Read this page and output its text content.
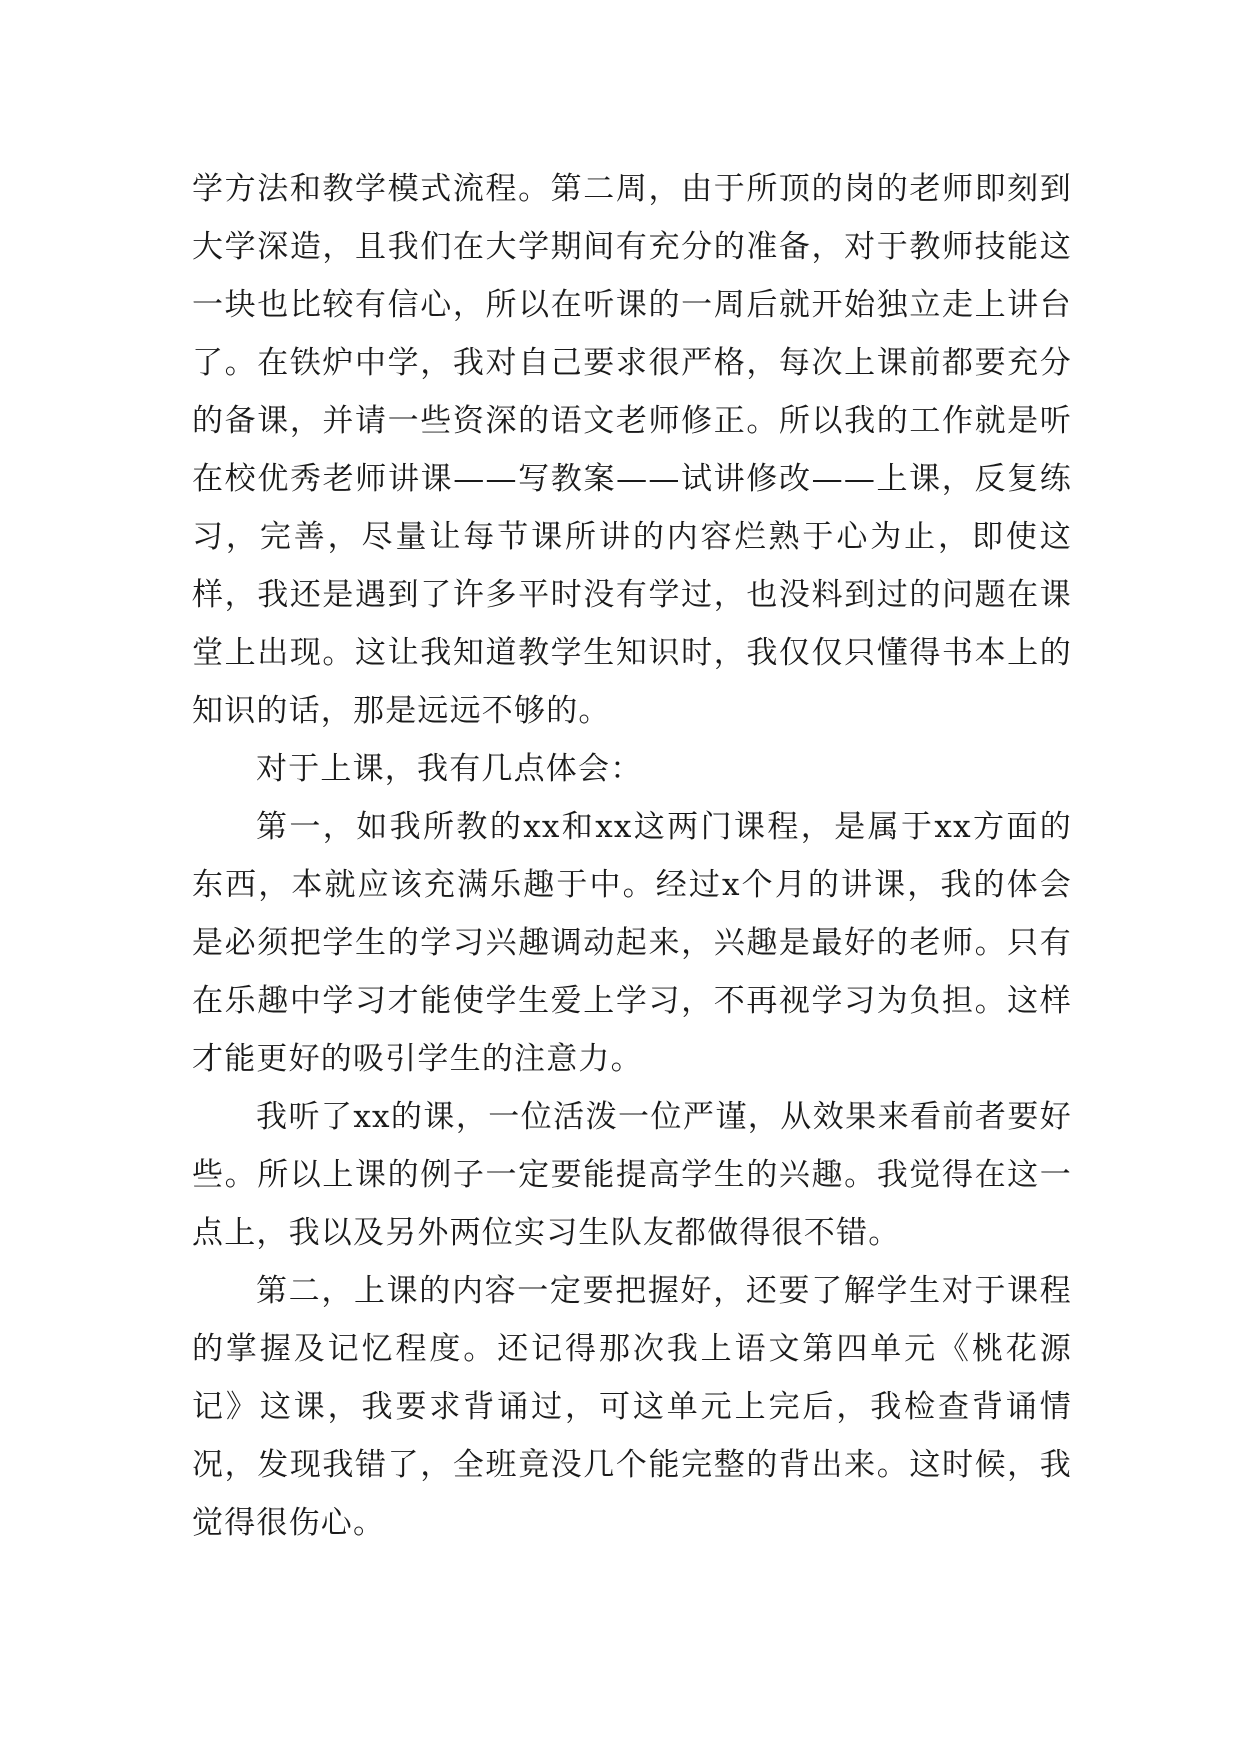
学方法和教学模式流程。第二周，由于所顶的岗的老师即刻到大学深造，且我们在大学期间有充分的准备，对于教师技能这一块也比较有信心，所以在听课的一周后就开始独立走上讲台了。在铁炉中学，我对自己要求很严格，每次上课前都要充分的备课，并请一些资深的语文老师修正。所以我的工作就是听在校优秀老师讲课——写教案——试讲修改——上课，反复练习，完善，尽量让每节课所讲的内容烂熟于心为止，即使这样，我还是遇到了许多平时没有学过，也没料到过的问题在课堂上出现。这让我知道教学生知识时，我仅仅只懂得书本上的知识的话，那是远远不够的。

对于上课，我有几点体会：

第一，如我所教的xx和xx这两门课程，是属于xx方面的东西，本就应该充满乐趣于中。经过x个月的讲课，我的体会是必须把学生的学习兴趣调动起来，兴趣是最好的老师。只有在乐趣中学习才能使学生爱上学习，不再视学习为负担。这样才能更好的吸引学生的注意力。

我听了xx的课，一位活泼一位严谨，从效果来看前者要好些。所以上课的例子一定要能提高学生的兴趣。我觉得在这一点上，我以及另外两位实习生队友都做得很不错。

第二，上课的内容一定要把握好，还要了解学生对于课程的掌握及记忆程度。还记得那次我上语文第四单元《桃花源记》这课，我要求背诵过，可这单元上完后，我检查背诵情况，发现我错了，全班竟没几个能完整的背出来。这时候，我觉得很伤心。
